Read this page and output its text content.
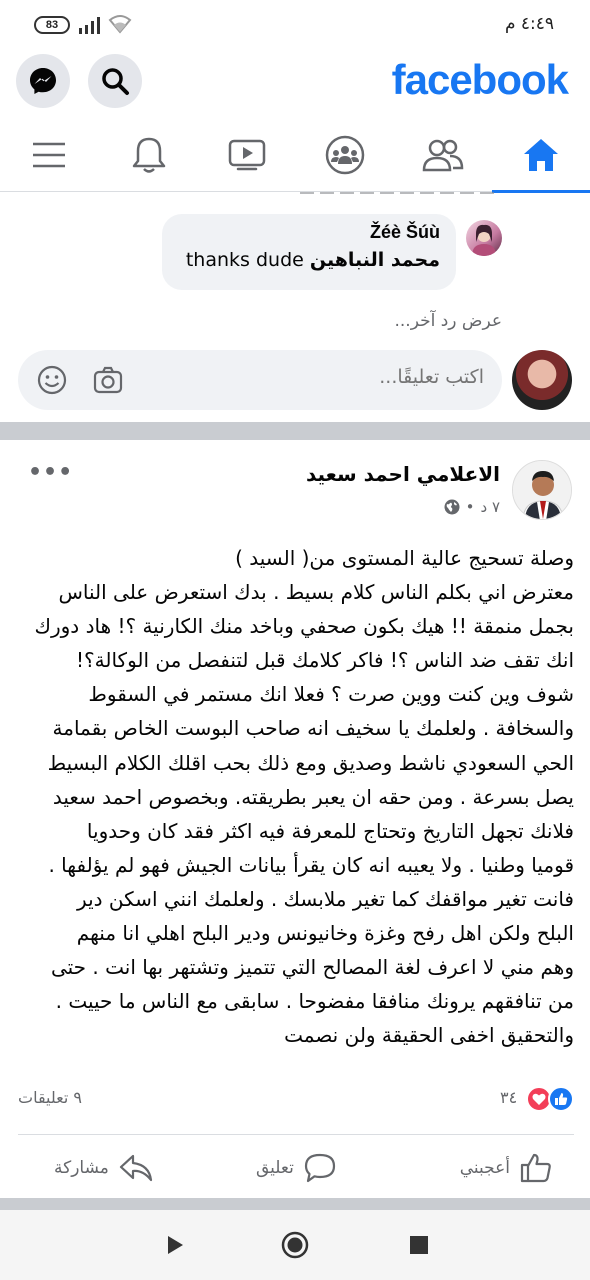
83	٤:٤٩ م
facebook
Žéè Šúù
محمد النباهين thanks dude
عرض رد آخر...
اكتب تعليقًا...
الاعلامي احمد سعيد
٧ د
•
•••

وصلة تسحيج عالية المستوى من( السيد )

معترض اني بكلم الناس كلام بسيط . بدك استعرض على الناس

بجمل منمقة !! هيك بكون صحفي وباخد منك الكارنية ؟! هاد دورك

انك تقف ضد الناس ؟! فاكر كلامك قبل لتنفصل من الوكالة؟!

شوف وين كنت ووين صرت ؟ فعلا انك مستمر في السقوط

والسخافة . ولعلمك يا سخيف انه صاحب البوست الخاص بقمامة

الحي السعودي ناشط وصديق ومع ذلك بحب اقلك الكلام البسيط

يصل بسرعة . ومن حقه ان يعبر بطريقته. وبخصوص احمد سعيد

فلانك تجهل التاريخ وتحتاج للمعرفة فيه اكثر فقد كان وحدويا

قوميا وطنيا . ولا يعيبه انه كان يقرأ بيانات الجيش فهو لم يؤلفها .

فانت تغير مواقفك كما تغير ملابسك . ولعلمك انني اسكن دير

البلح ولكن اهل رفح وغزة وخانيونس ودير البلح اهلي انا منهم

وهم مني لا اعرف لغة المصالح التي تتميز وتشتهر بها انت . حتى

من تنافقهم يرونك منافقا مفضوحا . سابقى مع الناس ما حييت .

والتحقيق اخفى الحقيقة ولن نصمت

٣٤
٩ تعليقات
أعجبني
تعليق
مشاركة
